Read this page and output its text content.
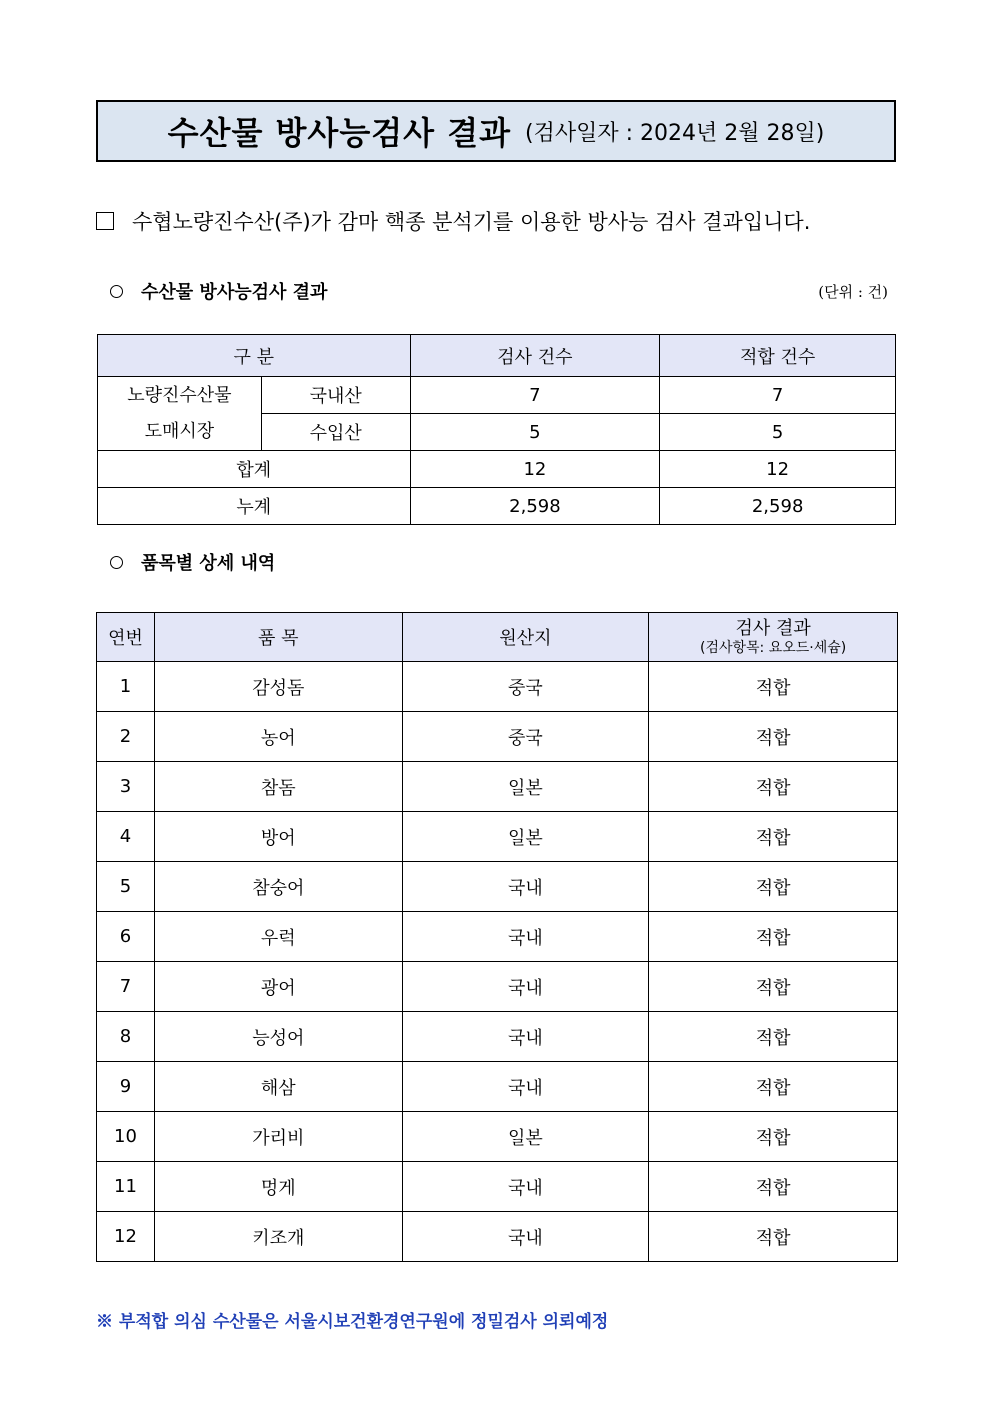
수산물 방사능검사 결과 (검사일자 : 2024년 2월 28일)
수협노량진수산(주)가 감마 핵종 분석기를 이용한 방사능 검사 결과입니다.
수산물 방사능검사 결과	(단위 : 건)
구 분		검사 건수	적합 건수
노량진수산물
도매시장	국내산	7	7
	수입산	5	5
합계		12	12
누계		2,598	2,598
품목별 상세 내역
연번	품 목	원산지	검사 결과
(검사항목: 요오드·세슘)

1	감성돔	중국	적합
2	농어	중국	적합
3	참돔	일본	적합
4	방어	일본	적합
5	참숭어	국내	적합
6	우럭	국내	적합
7	광어	국내	적합
8	능성어	국내	적합
9	해삼	국내	적합
10	가리비	일본	적합
11	멍게	국내	적합
12	키조개	국내	적합
※ 부적합 의심 수산물은 서울시보건환경연구원에 정밀검사 의뢰예정
